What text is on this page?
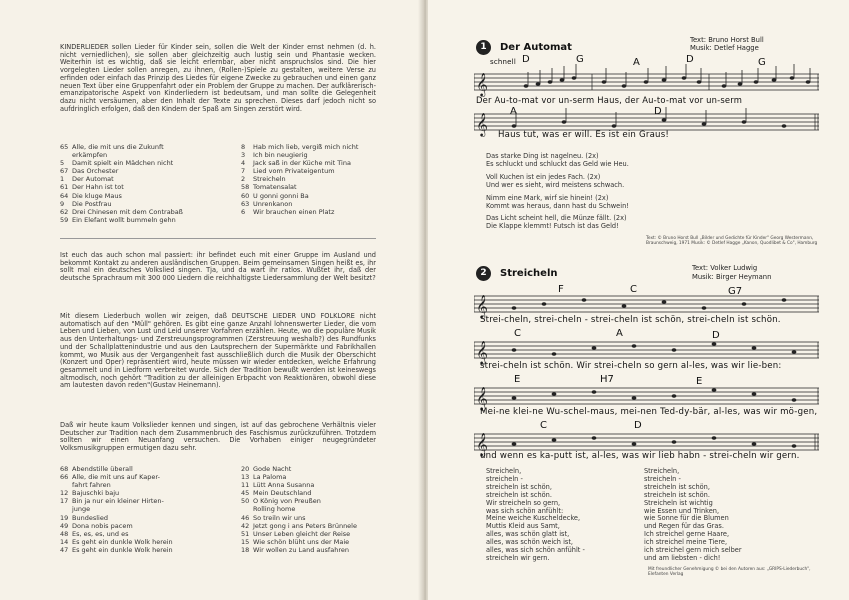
KINDERLIEDER sollen Lieder für Kinder sein, sollen die Welt der Kinder ernst nehmen (d. h. nicht verniedlichen), sie sollen aber gleichzeitig auch lustig sein und Phantasie wecken. Weiterhin ist es wichtig, daß sie leicht erlernbar, aber nicht anspruchslos sind. Die hier vorgelegten Lieder sollen anregen, zu ihnen, (Rollen-)Spiele zu gestalten, weitere Verse zu erfinden oder einfach das Prinzip des Liedes für eigene Zwecke zu gebrauchen und einen ganz neuen Text über eine Gruppenfahrt oder ein Problem der Gruppe zu machen. Der aufklärerisch-emanzipatorische Aspekt von Kinderliedern ist bedeutsam, und man sollte die Gelegenheit dazu nicht versäumen, aber den Inhalt der Texte zu sprechen. Dieses darf jedoch nicht so aufdringlich erfolgen, daß den Kindern der Spaß am Singen zerstört wird.
65 Alle, die mit uns die Zukunft
erkämpfen
5	Damit spielt ein Mädchen nicht
67 Das Orchester
1	Der Automat
61 Der Hahn ist tot
64 Die kluge Maus
9	Die Postfrau
62 Drei Chinesen mit dem Contrabaß
59 Ein Elefant wollt bummeln gehn
8	Hab mich lieb, vergiß mich nicht
3	Ich bin neugierig
4	Jack saß in der Küche mit Tina
7	Lied vom Privateigentum
2	Streicheln
58 Tomatensalat
60 U gonni gonni Ba
63 Unrenkanon
6	Wir brauchen einen Platz
Ist euch das auch schon mal passiert: ihr befindet euch mit einer Gruppe im Ausland und bekommt Kontakt zu anderen ausländischen Gruppen. Beim gemeinsamen Singen heißt es, ihr sollt mal ein deutsches Volkslied singen. Tja, und da wart ihr ratlos. Wußtet ihr, daß der deutsche Sprachraum mit 300 000 Liedern die reichhaltigste Liedersammlung der Welt besitzt?
Mit diesem Liederbuch wollen wir zeigen, daß DEUTSCHE LIEDER UND FOLKLORE nicht automatisch auf den "Müll" gehören. Es gibt eine ganze Anzahl lohnenswerter Lieder, die vom Leben und Lieben, von Lust und Leid unserer Vorfahren erzählen. Heute, wo die populäre Musik aus den Unterhaltungs- und Zerstreuungsprogrammen (Zerstreuung weshalb?) des Rundfunks und der Schallplattenindustrie und aus den Lautsprechern der Supermärkte und Fabrikhallen kommt, wo Musik aus der Vergangenheit fast ausschließlich durch die Musik der Oberschicht (Konzert und Oper) repräsentiert wird, heute müssen wir wieder entdecken, welche Erfahrung gesammelt und in Liedform verbreitet wurde. Sich der Tradition bewußt werden ist keineswegs altmodisch, noch gehört "Tradition zu der alleinigen Erbpacht von Reaktionären, obwohl diese am lautesten davon reden"(Gustav Heinemann).
Daß wir heute kaum Volkslieder kennen und singen, ist auf das gebrochene Verhältnis vieler Deutscher zur Tradition nach dem Zusammenbruch des Faschismus zurückzuführen. Trotzdem sollten wir einen Neuanfang versuchen. Die Vorhaben einiger neugegründeter Volksmusikgruppen ermutigen dazu sehr.
68 Abendstille überall
66 Alle, die mit uns auf Kaper-
fahrt fahren
12 Bajuschki baju
17 Bin ja nur ein kleiner Hirten-
junge
19 Bundeslied
49 Dona nobis pacem
48 Es, es, es, und es
14 Es geht ein dunkle Wolk herein
47 Es geht ein dunkle Wolk herein
20 Gode Nacht
13 La Paloma
11 Lütt Anna Susanna
45 Mein Deutschland
50 O König von Preußen
Rolling home
46 So treiln wir uns
42 Jetzt gong i ans Peters Brünnele
51 Unser Leben gleicht der Reise
15 Wie schön blüht uns der Maie
18 Wir wollen zu Land ausfahren
1	Der Automat
Text: Bruno Horst Bull
Musik: Detlef Hagge
𝄞
schnell
Der Au-to-mat vor un-serm Haus, der Au-to-mat vor un-serm
𝄞 Haus tut, was er will. Es ist ein Graus!
D	G	A	D	G
A	D
Das starke Ding ist nagelneu. (2x)
Es schluckt und schluckt das Geld wie Heu.
Voll Kuchen ist ein jedes Fach. (2x)
Und wer es sieht, wird meistens schwach.
Nimm eine Mark, wirf sie hinein! (2x)
Kommt was heraus, dann hast du Schwein!
Das Licht scheint hell, die Münze fällt. (2x)
Die Klappe klemmt! Futsch ist das Geld!
Text: © Bruno Horst Bull „Bilder und Gedichte für Kinder" Georg Westermann, Braunschweig, 1971 Musik: © Detlef Hagge „Kanon, Quodlibet & Co", Hamburg
2	Streicheln	Text: Volker Ludwig
Musik: Birger Heymann
𝄞
𝄞
𝄞
𝄞
Strei-cheln, strei-cheln - strei-cheln ist schön, strei-cheln ist schön.
strei-cheln ist schön. Wir strei-cheln so gern al-les, was wir lie-ben:
Mei-ne klei-ne Wu-schel-maus, mei-nen Ted-dy-bär, al-les, was wir mö-gen,
und wenn es ka-putt ist, al-les, was wir lieb habn - strei-cheln wir gern.
F	C	G7
C	A	D
E	H7	E
C	D
Streicheln,
streicheln -
streicheln ist schön,
streicheln ist schön.
Wir streicheln so gern,
was sich schön anfühlt:
Meine weiche Kuscheldecke,
Muttis Kleid aus Samt,
alles, was schön glatt ist,
alles, was schön weich ist,
alles, was sich schön anfühlt -
streicheln wir gern.
Streicheln,
streicheln -
streicheln ist schön,
streicheln ist schön.
Streicheln ist wichtig
wie Essen und Trinken,
wie Sonne für die Blumen
und Regen für das Gras.
Ich streichel gerne Haare,
ich streichel meine Tiere,
ich streichel gern mich selber
und am liebsten - dich!
Mit freundlicher Genehmigung © bei den Autoren aus: „GRIPS-Liederbuch", Elefanten Verlag
